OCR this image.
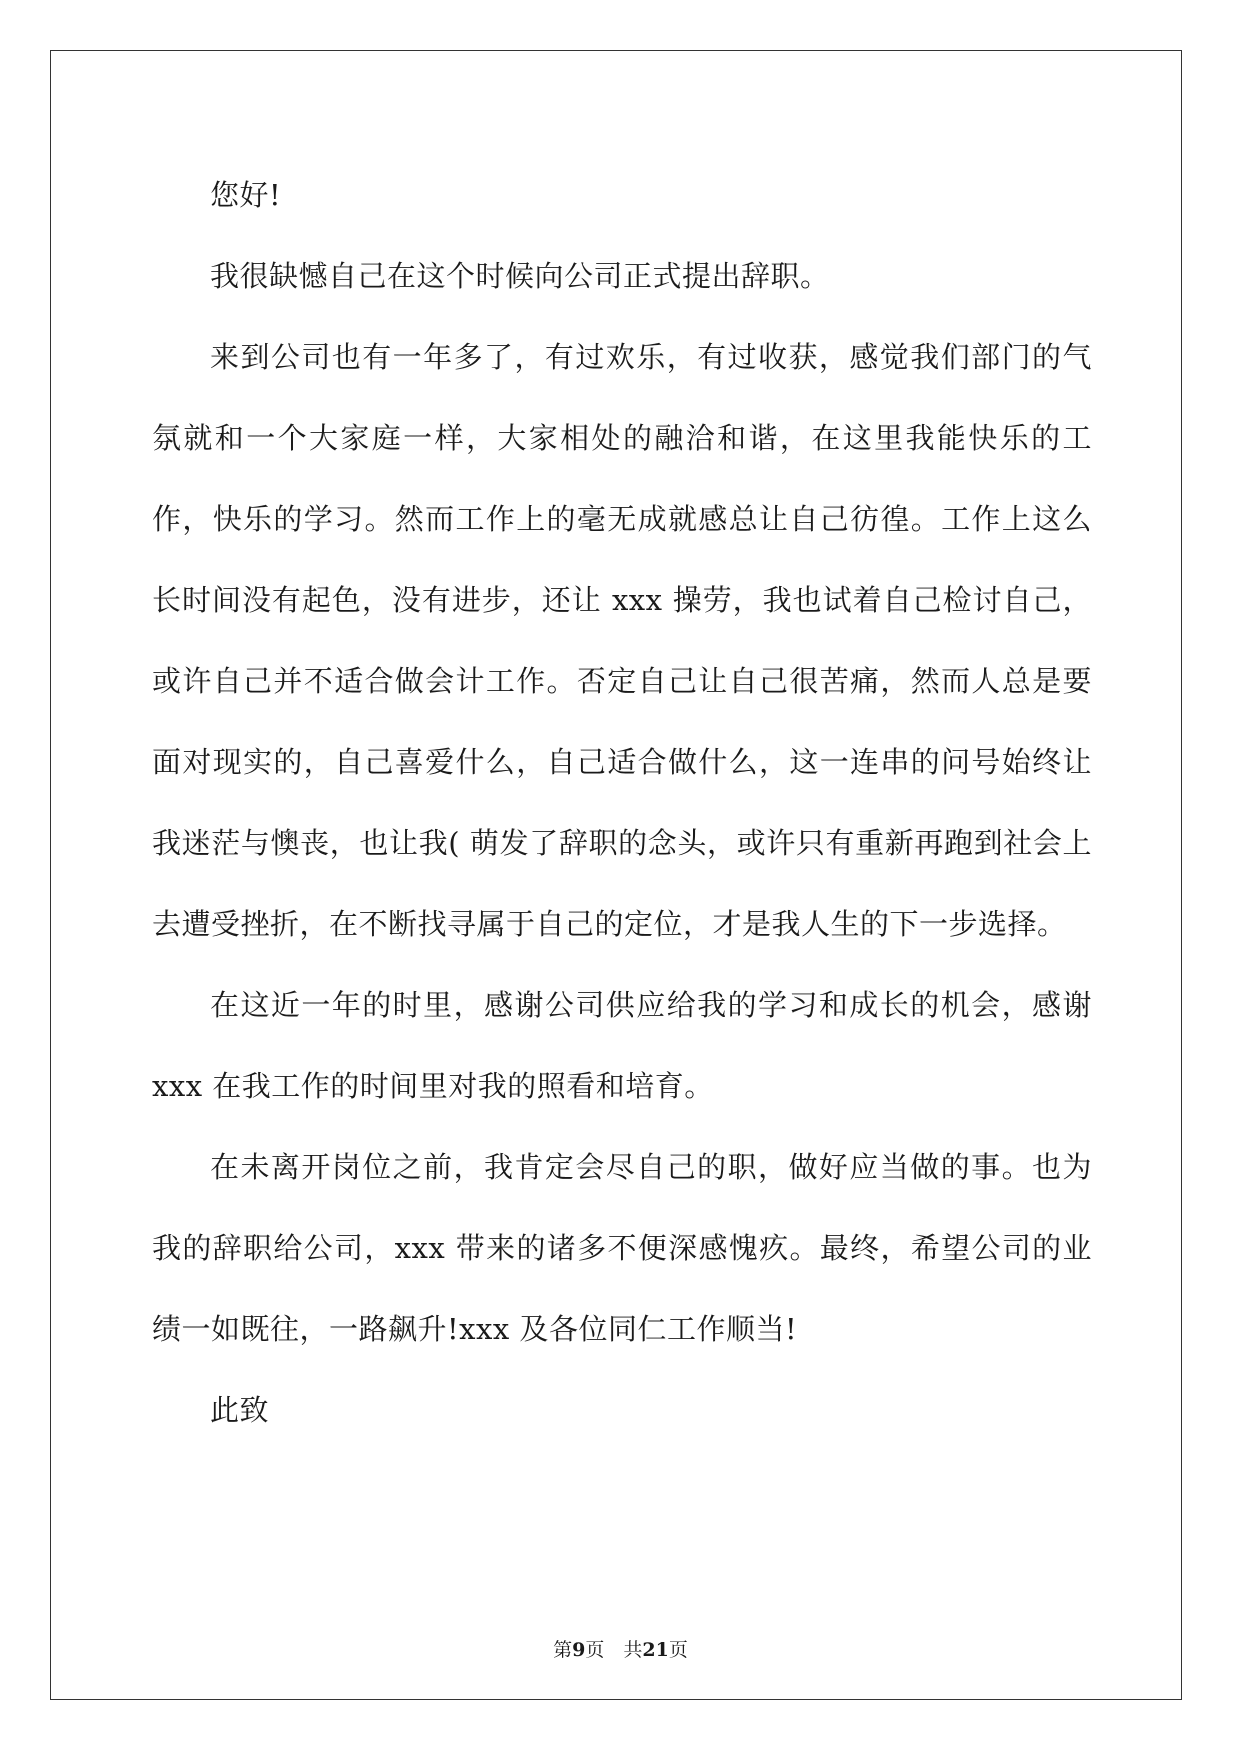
您好!

我很缺憾自己在这个时候向公司正式提出辞职。

来到公司也有一年多了，有过欢乐，有过收获，感觉我们部门的气氛就和一个大家庭一样，大家相处的融洽和谐，在这里我能快乐的工作，快乐的学习。然而工作上的毫无成就感总让自己彷徨。工作上这么长时间没有起色，没有进步，还让 xxx 操劳，我也试着自己检讨自己，或许自己并不适合做会计工作。否定自己让自己很苦痛，然而人总是要面对现实的，自己喜爱什么，自己适合做什么，这一连串的问号始终让我迷茫与懊丧，也让我( 萌发了辞职的念头，或许只有重新再跑到社会上去遭受挫折，在不断找寻属于自己的定位，才是我人生的下一步选择。

在这近一年的时里，感谢公司供应给我的学习和成长的机会，感谢 xxx 在我工作的时间里对我的照看和培育。

在未离开岗位之前，我肯定会尽自己的职，做好应当做的事。也为我的辞职给公司，xxx 带来的诸多不便深感愧疚。最终，希望公司的业绩一如既往，一路飙升!xxx 及各位同仁工作顺当!

此致

第9页　共21页
